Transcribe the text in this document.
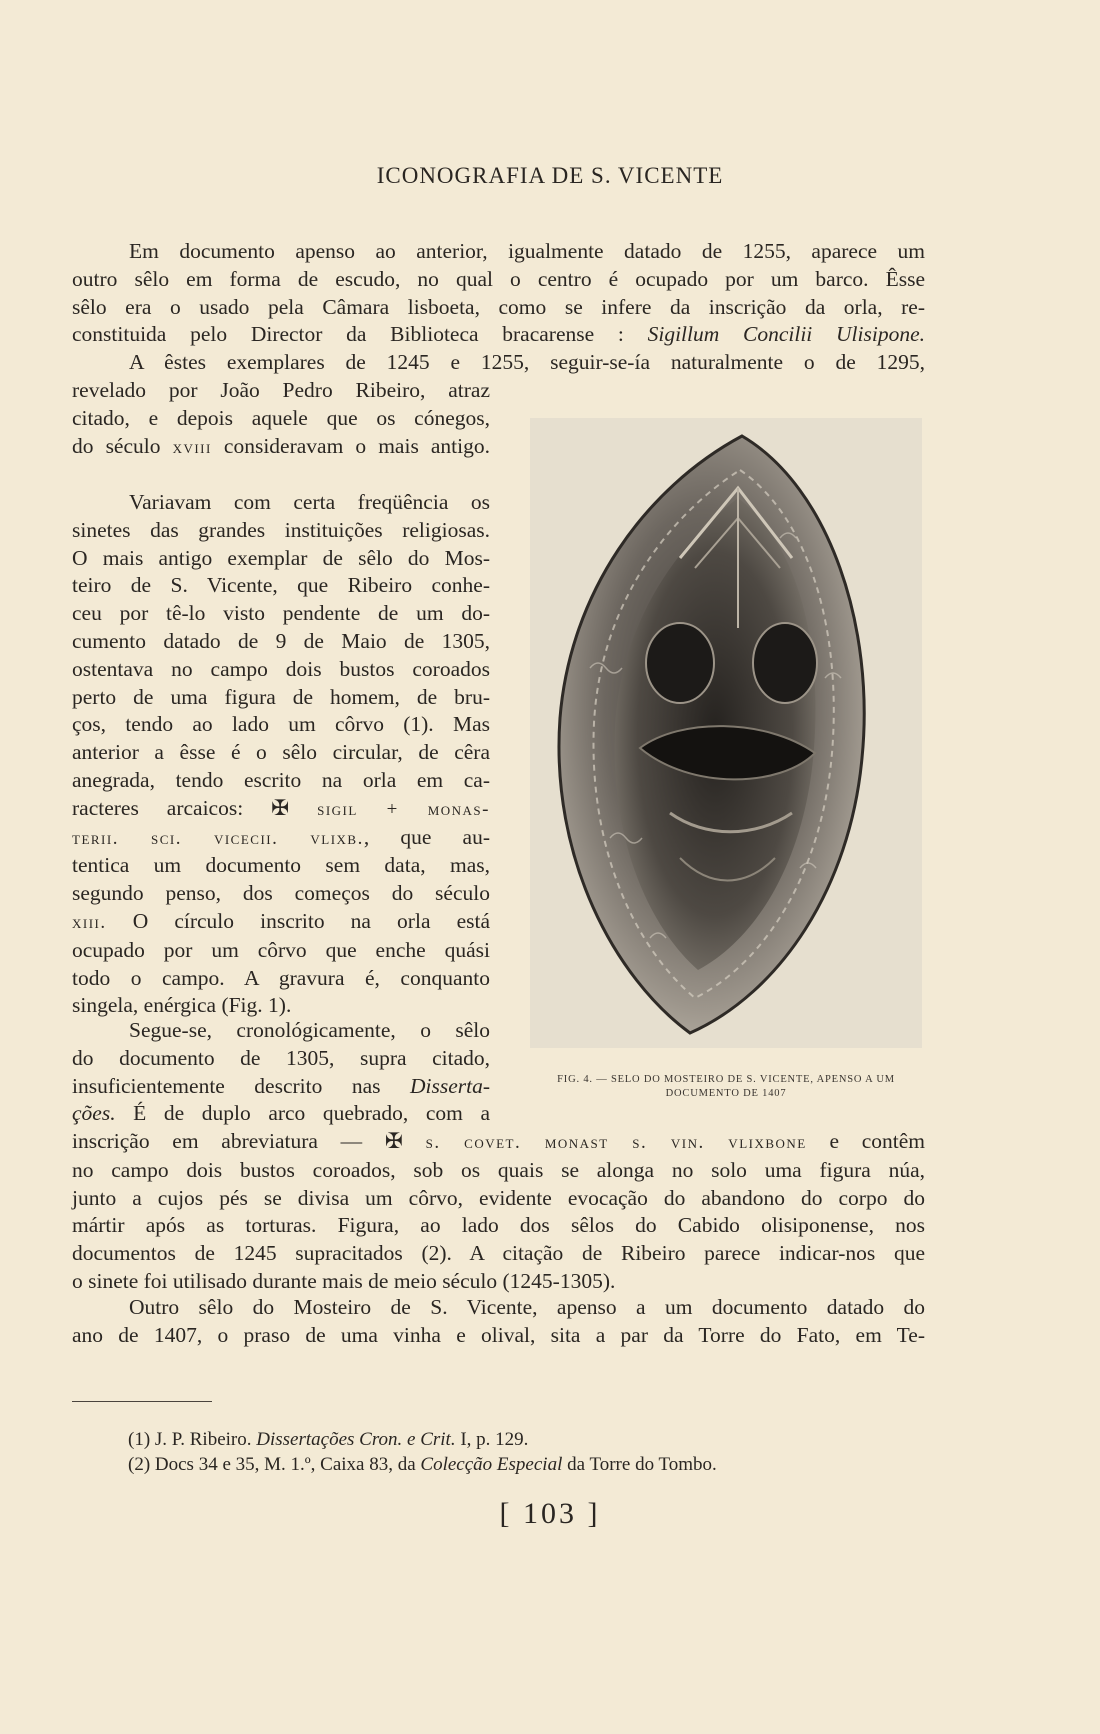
ICONOGRAFIA DE S. VICENTE
Em documento apenso ao anterior, igualmente datado de 1255, aparece um
outro sêlo em forma de escudo, no qual o centro é ocupado por um barco. Êsse
sêlo era o usado pela Câmara lisboeta, como se infere da inscrição da orla, re-
constituida pelo Director da Biblioteca bracarense : Sigillum Concilii Ulisipone.
A êstes exemplares de 1245 e 1255, seguir-se-ía naturalmente o de 1295,
revelado por João Pedro Ribeiro, atraz
citado, e depois aquele que os cónegos,
do século xviii consideravam o mais antigo.
Variavam com certa freqüência os
sinetes das grandes instituições religiosas.
O mais antigo exemplar de sêlo do Mos-
teiro de S. Vicente, que Ribeiro conhe-
ceu por tê-lo visto pendente de um do-
cumento datado de 9 de Maio de 1305,
ostentava no campo dois bustos coroados
perto de uma figura de homem, de bru-
ços, tendo ao lado um côrvo (1). Mas
anterior a êsse é o sêlo circular, de cêra
anegrada, tendo escrito na orla em ca-
racteres arcaicos: ✠ sigil + monas-
terii. sci. vicecii. vlixb., que au-
tentica um documento sem data, mas,
segundo penso, dos começos do século
xiii. O círculo inscrito na orla está
ocupado por um côrvo que enche quási
todo o campo. A gravura é, conquanto
singela, enérgica (Fig. 1).
Segue-se, cronológicamente, o sêlo
do documento de 1305, supra citado,
insuficientemente descrito nas Disserta-
ções. É de duplo arco quebrado, com a
inscrição em abreviatura — ✠ s. covet. monast s. vin. vlixbone e contêm
no campo dois bustos coroados, sob os quais se alonga no solo uma figura núa,
junto a cujos pés se divisa um côrvo, evidente evocação do abandono do corpo do
mártir após as torturas. Figura, ao lado dos sêlos do Cabido olisiponense, nos
documentos de 1245 supracitados (2). A citação de Ribeiro parece indicar-nos que
o sinete foi utilisado durante mais de meio século (1245-1305).
Outro sêlo do Mosteiro de S. Vicente, apenso a um documento datado do
ano de 1407, o praso de uma vinha e olival, sita a par da Torre do Fato, em Te-
FIG. 4. — SELO DO MOSTEIRO DE S. VICENTE, APENSO A UM
DOCUMENTO DE 1407
(1) J. P. Ribeiro. Dissertações Cron. e Crit. I, p. 129.
(2) Docs 34 e 35, M. 1.º, Caixa 83, da Colecção Especial da Torre do Tombo.
[ 103 ]
